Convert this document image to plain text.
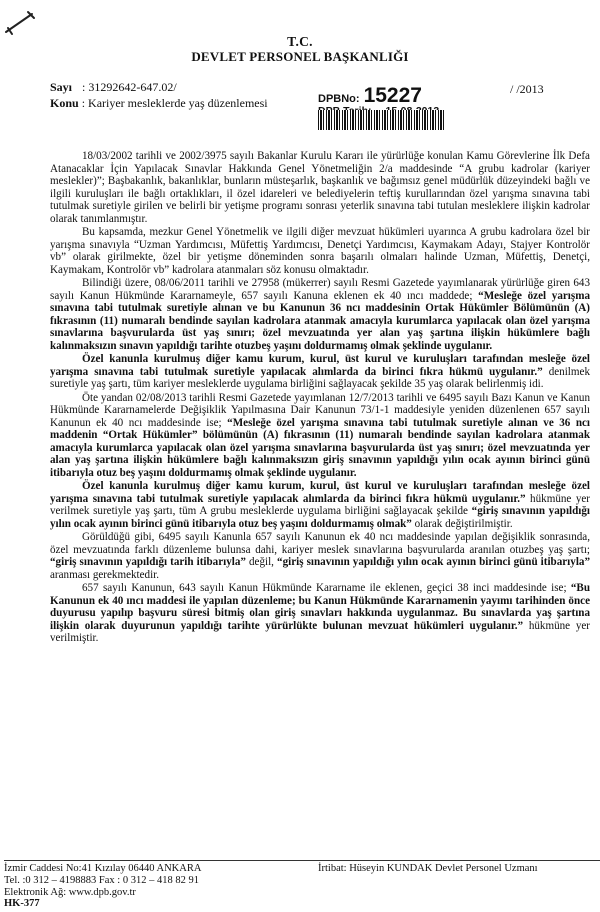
T.C.
DEVLET PERSONEL BAŞKANLIĞI
Sayı : 31292642-647.02/
Konu : Kariyer mesleklerde yaş düzenlemesi	DPBNo: 15227	/ /2013

18/03/2002 tarihli ve 2002/3975 sayılı Bakanlar Kurulu Kararı ile yürürlüğe konulan Kamu Görevlerine İlk Defa Atanacaklar İçin Yapılacak Sınavlar Hakkında Genel Yönetmeliğin 2/a maddesinde “A grubu kadrolar (kariyer meslekler)”; Başbakanlık, bakanlıklar, bunların müsteşarlık, başkanlık ve bağımsız genel müdürlük düzeyindeki bağlı ve ilgili kuruluşları ile bağlı ortaklıkları, il özel idareleri ve belediyelerin teftiş kurullarından özel yarışma sınavına tabi tutulmak suretiyle girilen ve belirli bir yetişme programı sonrası yeterlik sınavına tabi tutulan mesleklere ilişkin kadrolar olarak tanımlanmıştır.

Bu kapsamda, mezkur Genel Yönetmelik ve ilgili diğer mevzuat hükümleri uyarınca A grubu kadrolara özel bir yarışma sınavıyla “Uzman Yardımcısı, Müfettiş Yardımcısı, Denetçi Yardımcısı, Kaymakam Adayı, Stajyer Kontrolör vb” olarak girilmekte, özel bir yetişme döneminden sonra başarılı olmaları halinde Uzman, Müfettiş, Denetçi, Kaymakam, Kontrolör vb” kadrolara atanmaları söz konusu olmaktadır.

Bilindiği üzere, 08/06/2011 tarihli ve 27958 (mükerrer) sayılı Resmi Gazetede yayımlanarak yürürlüğe giren 643 sayılı Kanun Hükmünde Kararnameyle, 657 sayılı Kanuna eklenen ek 40 ıncı maddede; “Mesleğe özel yarışma sınavına tabi tutulmak suretiyle alınan ve bu Kanunun 36 ncı maddesinin Ortak Hükümler Bölümünün (A) fıkrasının (11) numaralı bendinde sayılan kadrolara atanmak amacıyla kurumlarca yapılacak olan özel yarışma sınavlarına başvurularda üst yaş sınırı; özel mevzuatında yer alan yaş şartına ilişkin hükümlere bağlı kalınmaksızın sınavın yapıldığı tarihte otuzbeş yaşını doldurmamış olmak şeklinde uygulanır.

Özel kanunla kurulmuş diğer kamu kurum, kurul, üst kurul ve kuruluşları tarafından mesleğe özel yarışma sınavına tabi tutulmak suretiyle yapılacak alımlarda da birinci fıkra hükmü uygulanır.” denilmek suretiyle yaş şartı, tüm kariyer mesleklerde uygulama birliğini sağlayacak şekilde 35 yaş olarak belirlenmiş idi.

Öte yandan 02/08/2013 tarihli Resmi Gazetede yayımlanan 12/7/2013 tarihli ve 6495 sayılı Bazı Kanun ve Kanun Hükmünde Kararnamelerde Değişiklik Yapılmasına Dair Kanunun 73/1-1 maddesiyle yeniden düzenlenen 657 sayılı Kanunun ek 40 ncı maddesinde ise; “Mesleğe özel yarışma sınavına tabi tutulmak suretiyle alınan ve 36 ncı maddenin “Ortak Hükümler” bölümünün (A) fıkrasının (11) numaralı bendinde sayılan kadrolara atanmak amacıyla kurumlarca yapılacak olan özel yarışma sınavlarına başvurularda üst yaş sınırı; özel mevzuatında yer alan yaş şartına ilişkin hükümlere bağlı kalınmaksızın giriş sınavının yapıldığı yılın ocak ayının birinci günü itibarıyla otuz beş yaşını doldurmamış olmak şeklinde uygulanır.

Özel kanunla kurulmuş diğer kamu kurum, kurul, üst kurul ve kuruluşları tarafından mesleğe özel yarışma sınavına tabi tutulmak suretiyle yapılacak alımlarda da birinci fıkra hükmü uygulanır.” hükmüne yer verilmek suretiyle yaş şartı, tüm A grubu mesleklerde uygulama birliğini sağlayacak şekilde “giriş sınavının yapıldığı yılın ocak ayının birinci günü itibarıyla otuz beş yaşını doldurmamış olmak” olarak değiştirilmiştir.

Görüldüğü gibi, 6495 sayılı Kanunla 657 sayılı Kanunun ek 40 ncı maddesinde yapılan değişiklik sonrasında, özel mevzuatında farklı düzenleme bulunsa dahi, kariyer meslek sınavlarına başvurularda aranılan otuzbeş yaş şartı; “giriş sınavının yapıldığı tarih itibarıyla” değil, “giriş sınavının yapıldığı yılın ocak ayının birinci günü itibarıyla” aranması gerekmektedir.

657 sayılı Kanunun, 643 sayılı Kanun Hükmünde Kararname ile eklenen, geçici 38 inci maddesinde ise; “Bu Kanunun ek 40 ıncı maddesi ile yapılan düzenleme; bu Kanun Hükmünde Kararnamenin yayımı tarihinden önce duyurusu yapılıp başvuru süresi bitmiş olan giriş sınavları hakkında uygulanmaz. Bu sınavlarda yaş şartına ilişkin olarak duyurunun yapıldığı tarihte yürürlükte bulunan mevzuat hükümleri uygulanır.” hükmüne yer verilmiştir.

İzmir Caddesi No:41 Kızılay 06440 ANKARA	İrtibat: Hüseyin KUNDAK Devlet Personel Uzmanı
Tel. :0 312 – 4198883 Fax : 0 312 – 418 82 91
Elektronik Ağ: www.dpb.gov.tr
HK-377
